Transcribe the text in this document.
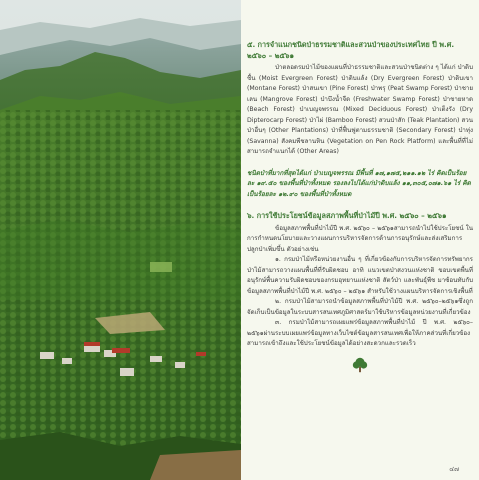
๕. การจำแนกชนิดป่าธรรมชาติและสวนป่าของประเทศไทย ปี พ.ศ. ๒๕๖๐ – ๒๕๖๑

ป่าตลอดรมป่าไม้ของแผนที่ป่าธรรมชาติและสวนป่าชนิดต่าง ๆ ได้แก่ ป่าดิบชื้น (Moist Evergreen Forest) ป่าดิบแล้ง (Dry Evergreen Forest) ป่าดิบเขา (Montane Forest) ป่าสนเขา (Pine Forest) ป่าพรุ (Peat Swamp Forest) ป่าชายเลน (Mangrove Forest) ป่าบึงน้ำจืด (Freshwater Swamp Forest) ป่าชายหาด (Beach Forest) ป่าเบญจพรรณ (Mixed Deciduous Forest) ป่าเต็งรัง (Dry Dipterocarp Forest) ป่าไผ่ (Bamboo Forest) สวนป่าสัก (Teak Plantation) สวนป่าอื่นๆ (Other Plantations) ป่าที่ฟื้นฟูตามธรรมชาติ (Secondary Forest) ป่าทุ่ง (Savanna) สังคมพืชลานหิน (Vegetation on Pen Rock Platform) และพื้นที่ที่ไม่สามารถจำแนกได้ (Other Areas)

ชนิดป่าที่มากที่สุดได้แก่ ป่าเบญจพรรณ มีพื้นที่ ๑๗,๑๗๕,๒๑๑.๑๒ ไร่ คิดเป็นร้อยละ ๑๙.๕๐ ของพื้นที่ป่าทั้งหมด รองลงไปได้แก่ป่าดิบแล้ง ๑๑,๓๐๕,๐๗๑.๖๑ ไร่ คิดเป็นร้อยละ ๑๒.๙๐ ของพื้นที่ป่าทั้งหมด

๖. การใช้ประโยชน์ข้อมูลสภาพพื้นที่ป่าไม้ปี พ.ศ. ๒๕๖๐ – ๒๕๖๑

ข้อมูลสภาพพื้นที่ป่าไม้ปี พ.ศ. ๒๕๖๐ – ๒๕๖๑สามารถนำไปใช้ประโยชน์ ในการกำหนดนโยบายและวางแผนการบริหารจัดการด้านการอนุรักษ์และส่งเสริมการปลูกป่าเพิ่มขึ้น ตัวอย่างเช่น

๑. กรมป่าไม้หรือหน่วยงานอื่น ๆ ที่เกี่ยวข้องกับการบริหารจัดการทรัพยากรป่าไม้สามารถวางแผนพื้นที่ที่รับผิดชอบ อาทิ แนวเขตป่าสงวนแห่งชาติ ขอบเขตพื้นที่อนุรักษ์พื้นความรับผิดชอบของกรมอุทยานแห่งชาติ สัตว์ป่า และพันธุ์พืช มาซ้อนทับกับข้อมูลสภาพพื้นที่ป่าไม้ปี พ.ศ. ๒๕๖๐ – ๒๕๖๑ สำหรับใช้วางแผนบริหารจัดการเชิงพื้นที่

๒. กรมป่าไม้สามารถนำข้อมูลสภาพพื้นที่ป่าไม้ปี พ.ศ. ๒๕๖๐–๒๕๖๑ซึ่งถูกจัดเก็บเป็นข้อมูลในระบบสารสนเทศภูมิศาสตร์มาใช้บริหารข้อมูลหน่วยงานที่เกี่ยวข้อง

๓. กรมป่าไม้สามารถเผยแพร่ข้อมูลสภาพพื้นที่ป่าไม้ ปี พ.ศ. ๒๕๖๐–๒๕๖๑ผ่านระบบเผยแพร่ข้อมูลทางเว็บไซต์ข้อมูลสารสนเทศเพื่อให้ภาคส่วนที่เกี่ยวข้องสามารถเข้าถึงและใช้ประโยชน์ข้อมูลได้อย่างสะดวกและรวดเร็ว

๔๗
